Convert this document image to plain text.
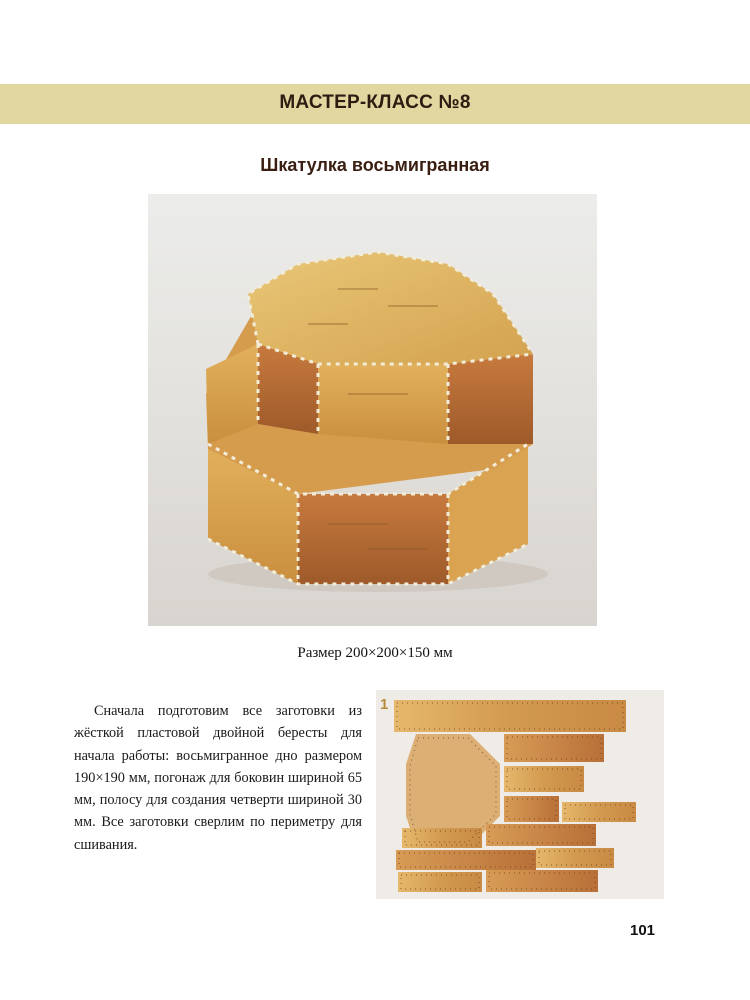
МАСТЕР-КЛАСС №8
Шкатулка восьмигранная
Размер 200×200×150 мм

Сначала подготовим все заготовки из жёсткой пластовой двойной бересты для начала работы: восьмигранное дно размером 190×190 мм, погонаж для боковин шириной 65 мм, полосу для создания четверти шириной 30 мм. Все заготовки сверлим по периметру для сшивания.

1
101
